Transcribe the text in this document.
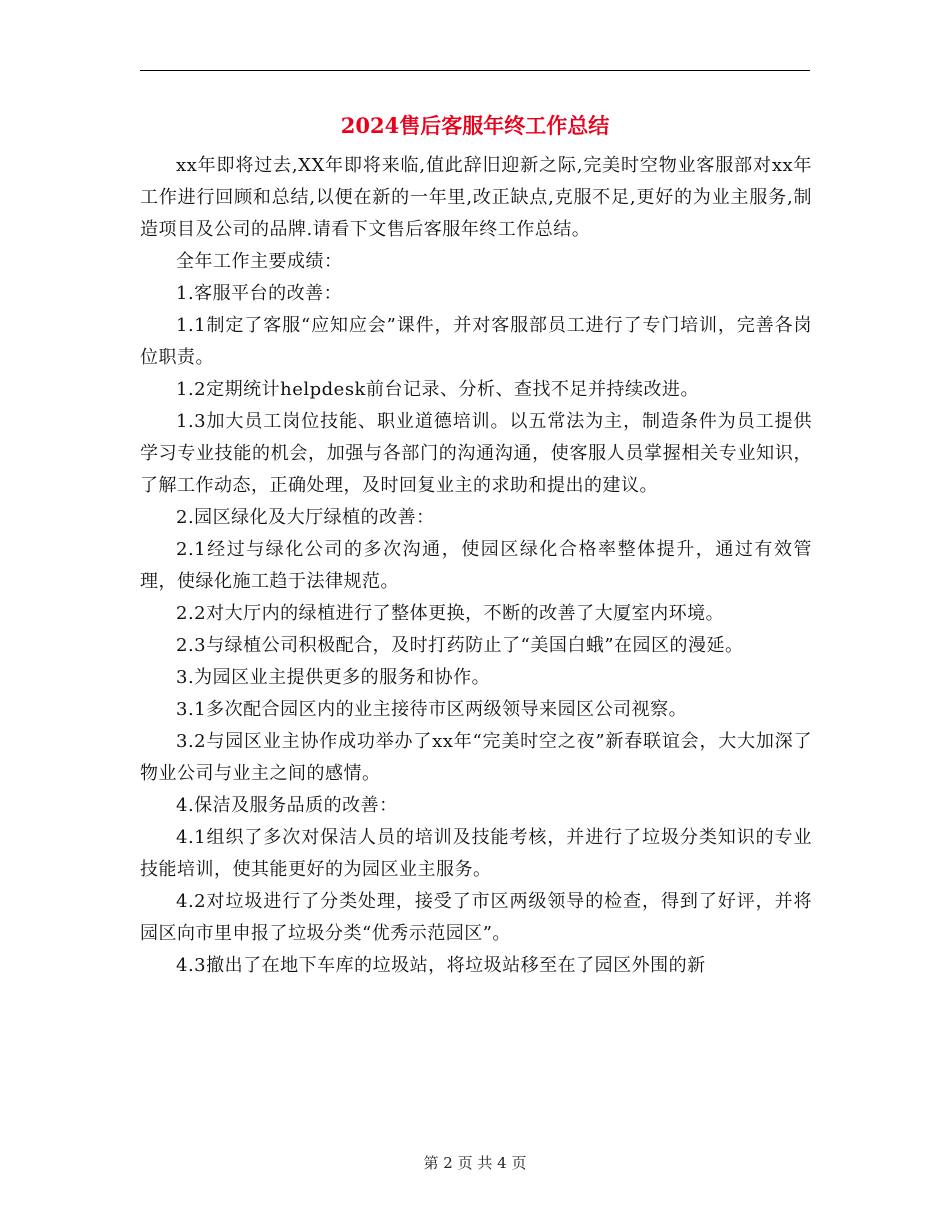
2024售后客服年终工作总结

xx年即将过去,XX年即将来临,值此辞旧迎新之际,完美时空物业客服部对xx年工作进行回顾和总结,以便在新的一年里,改正缺点,克服不足,更好的为业主服务,制造项目及公司的品牌.请看下文售后客服年终工作总结。

全年工作主要成绩：

1.客服平台的改善：

1.1制定了客服“应知应会”课件，并对客服部员工进行了专门培训，完善各岗位职责。

1.2定期统计helpdesk前台记录、分析、查找不足并持续改进。

1.3加大员工岗位技能、职业道德培训。以五常法为主，制造条件为员工提供学习专业技能的机会，加强与各部门的沟通沟通，使客服人员掌握相关专业知识，了解工作动态，正确处理，及时回复业主的求助和提出的建议。

2.园区绿化及大厅绿植的改善：

2.1经过与绿化公司的多次沟通，使园区绿化合格率整体提升，通过有效管理，使绿化施工趋于法律规范。

2.2对大厅内的绿植进行了整体更换，不断的改善了大厦室内环境。

2.3与绿植公司积极配合，及时打药防止了“美国白蛾”在园区的漫延。

3.为园区业主提供更多的服务和协作。

3.1多次配合园区内的业主接待市区两级领导来园区公司视察。

3.2与园区业主协作成功举办了xx年“完美时空之夜”新春联谊会，大大加深了物业公司与业主之间的感情。

4.保洁及服务品质的改善：

4.1组织了多次对保洁人员的培训及技能考核，并进行了垃圾分类知识的专业技能培训，使其能更好的为园区业主服务。

4.2对垃圾进行了分类处理，接受了市区两级领导的检查，得到了好评，并将园区向市里申报了垃圾分类“优秀示范园区”。

4.3撤出了在地下车库的垃圾站，将垃圾站移至在了园区外围的新

第 2 页 共 4 页
